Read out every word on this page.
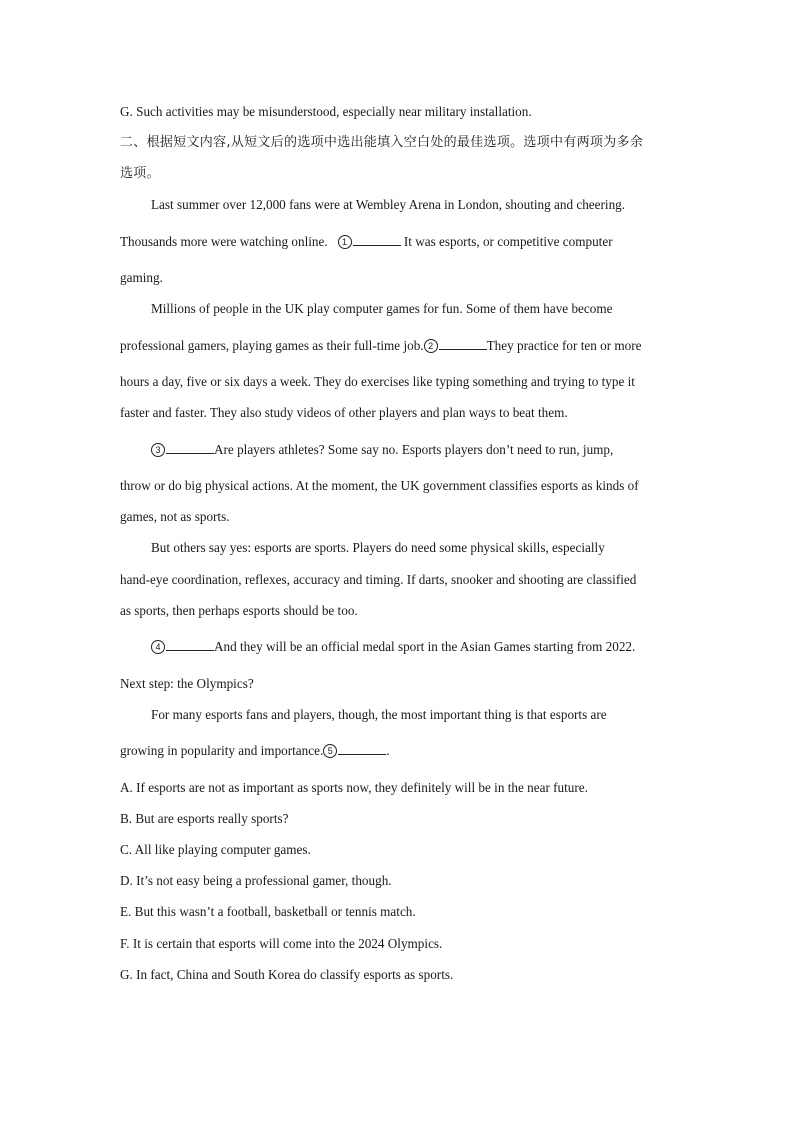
G. Such activities may be misunderstood, especially near military installation.
二、根据短文内容,从短文后的选项中选出能填入空白处的最佳选项。选项中有两项为多余
选项。
Last summer over 12,000 fans were at Wembley Arena in London, shouting and cheering.
Thousands more were watching online. 1	It was esports, or competitive computer
gaming.
Millions of people in the UK play computer games for fun. Some of them have become
professional gamers, playing games as their full-time job. 2	They practice for ten or more
hours a day, five or six days a week. They do exercises like typing something and trying to type it
faster and faster. They also study videos of other players and plan ways to beat them.
3	Are players athletes? Some say no. Esports players don’t need to run, jump,
throw or do big physical actions. At the moment, the UK government classifies esports as kinds of
games, not as sports.
But others say yes: esports are sports. Players do need some physical skills, especially
hand-eye coordination, reflexes, accuracy and timing. If darts, snooker and shooting are classified
as sports, then perhaps esports should be too.
4	And they will be an official medal sport in the Asian Games starting from 2022.
Next step: the Olympics?
For many esports fans and players, though, the most important thing is that esports are
growing in popularity and importance. 5	.
A. If esports are not as important as sports now, they definitely will be in the near future.
B. But are esports really sports?
C. All like playing computer games.
D. It’s not easy being a professional gamer, though.
E. But this wasn’t a football, basketball or tennis match.
F. It is certain that esports will come into the 2024 Olympics.
G. In fact, China and South Korea do classify esports as sports.
